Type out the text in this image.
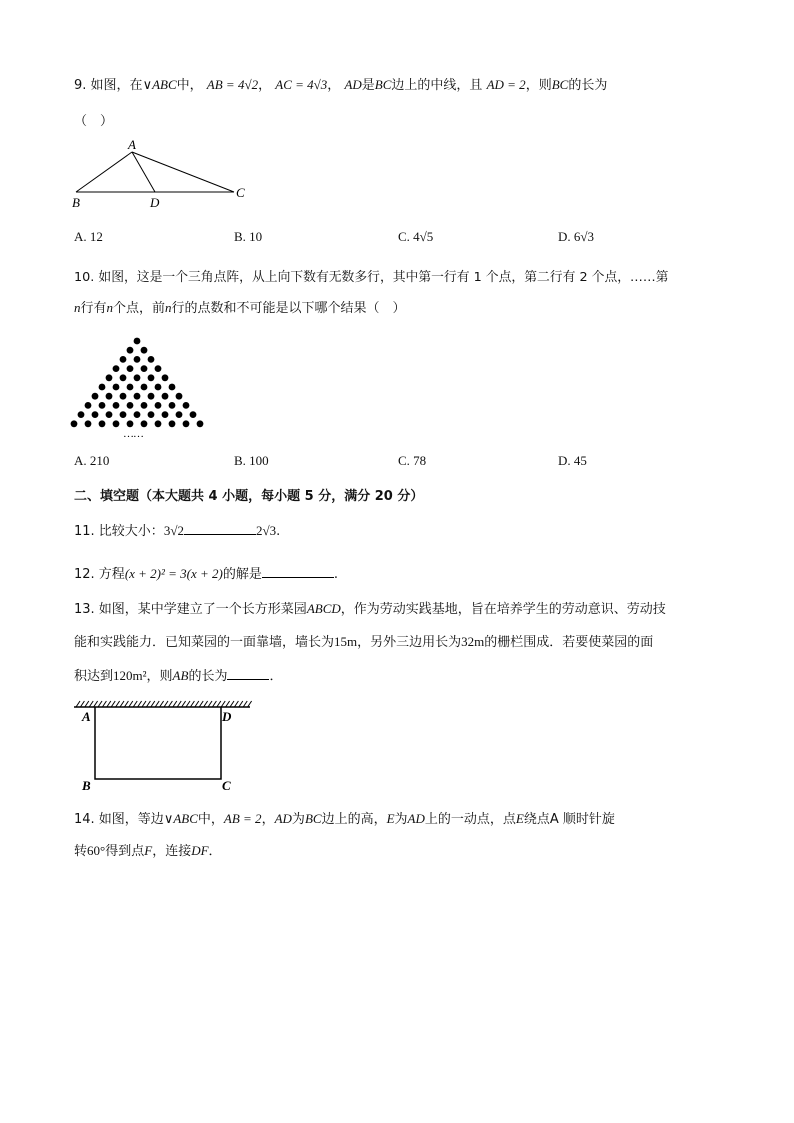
9. 如图，在∨ABC中， AB = 4√2， AC = 4√3， AD是BC边上的中线，且 AD = 2，则BC的长为
（　）
A
B	D
C
A. 12	B. 10	C. 4√5	D. 6√3
10. 如图，这是一个三角点阵，从上向下数有无数多行，其中第一行有 1 个点，第二行有 2 个点，……第
n行有n个点，前n行的点数和不可能是以下哪个结果（　）
……
A. 210	B. 100	C. 78	D. 45
二、填空题（本大题共 4 小题，每小题 5 分，满分 20 分）
11. 比较大小：3√2	2√3.
12. 方程(x + 2)² = 3(x + 2)的解是	.
13. 如图，某中学建立了一个长方形菜园ABCD，作为劳动实践基地，旨在培养学生的劳动意识、劳动技
能和实践能力．已知菜园的一面靠墙，墙长为15m，另外三边用长为32m的栅栏围成．若要使菜园的面
积达到120m²，则AB的长为	．
A	D
B	C
14. 如图，等边∨ABC中，AB = 2，AD为BC边上的高，E为AD上的一动点，点E绕点A 顺时针旋
转60°得到点F，连接DF．
